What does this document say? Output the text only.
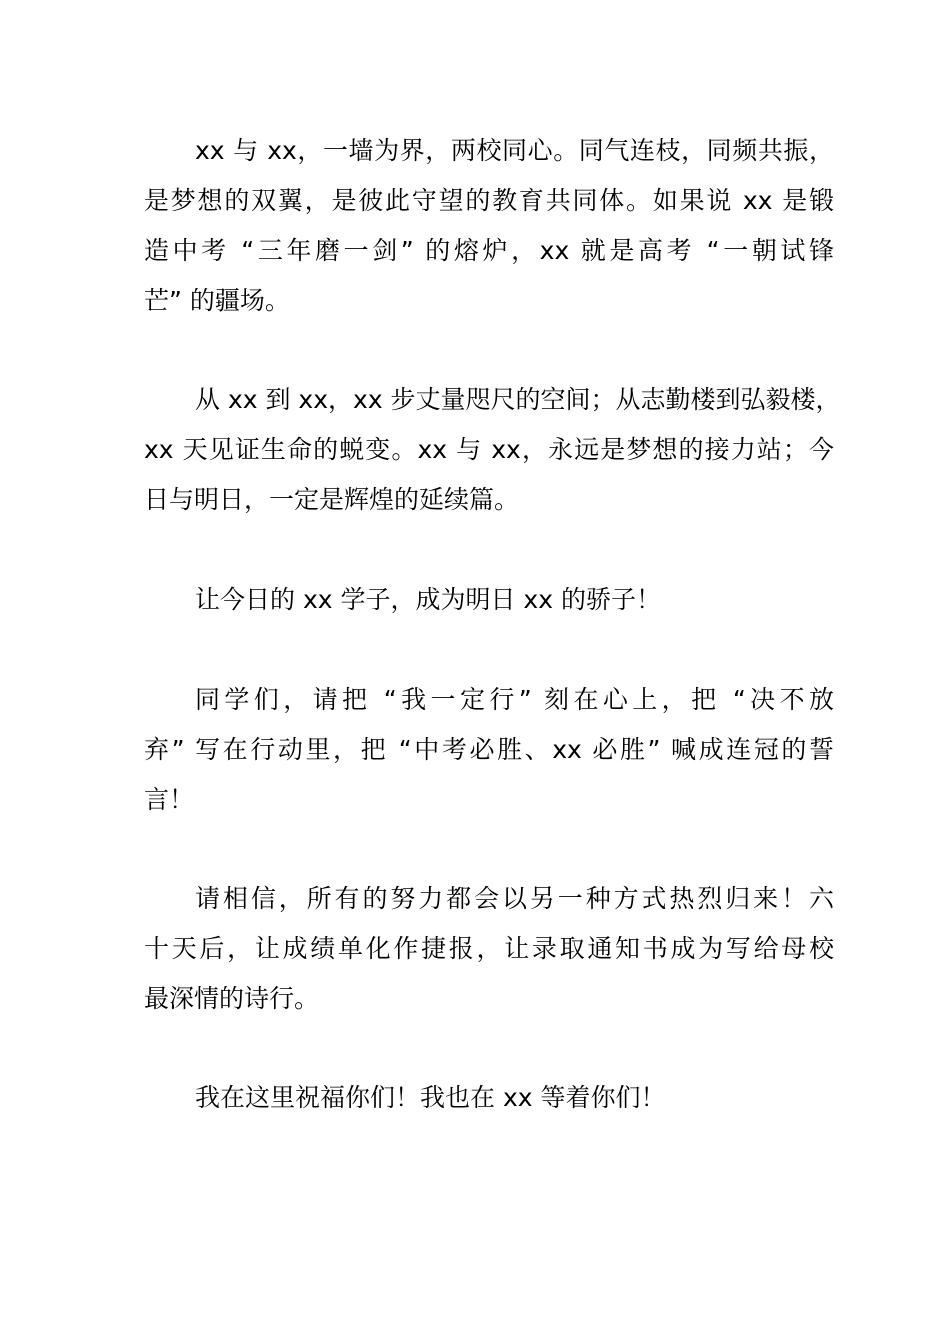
xx 与 xx，一墙为界，两校同心。同气连枝，同频共振，
是梦想的双翼，是彼此守望的教育共同体。如果说 xx 是锻
造中考 “三年磨一剑” 的熔炉，xx 就是高考 “一朝试锋
芒” 的疆场。
从 xx 到 xx，xx 步丈量咫尺的空间；从志勤楼到弘毅楼，
xx 天见证生命的蜕变。xx 与 xx，永远是梦想的接力站；今
日与明日，一定是辉煌的延续篇。
让今日的 xx 学子，成为明日 xx 的骄子！
同学们，请把 “我一定行” 刻在心上，把 “决不放
弃” 写在行动里，把 “中考必胜、xx 必胜” 喊成连冠的誓
言！
请相信，所有的努力都会以另一种方式热烈归来！六
十天后，让成绩单化作捷报，让录取通知书成为写给母校
最深情的诗行。
我在这里祝福你们！我也在 xx 等着你们！
